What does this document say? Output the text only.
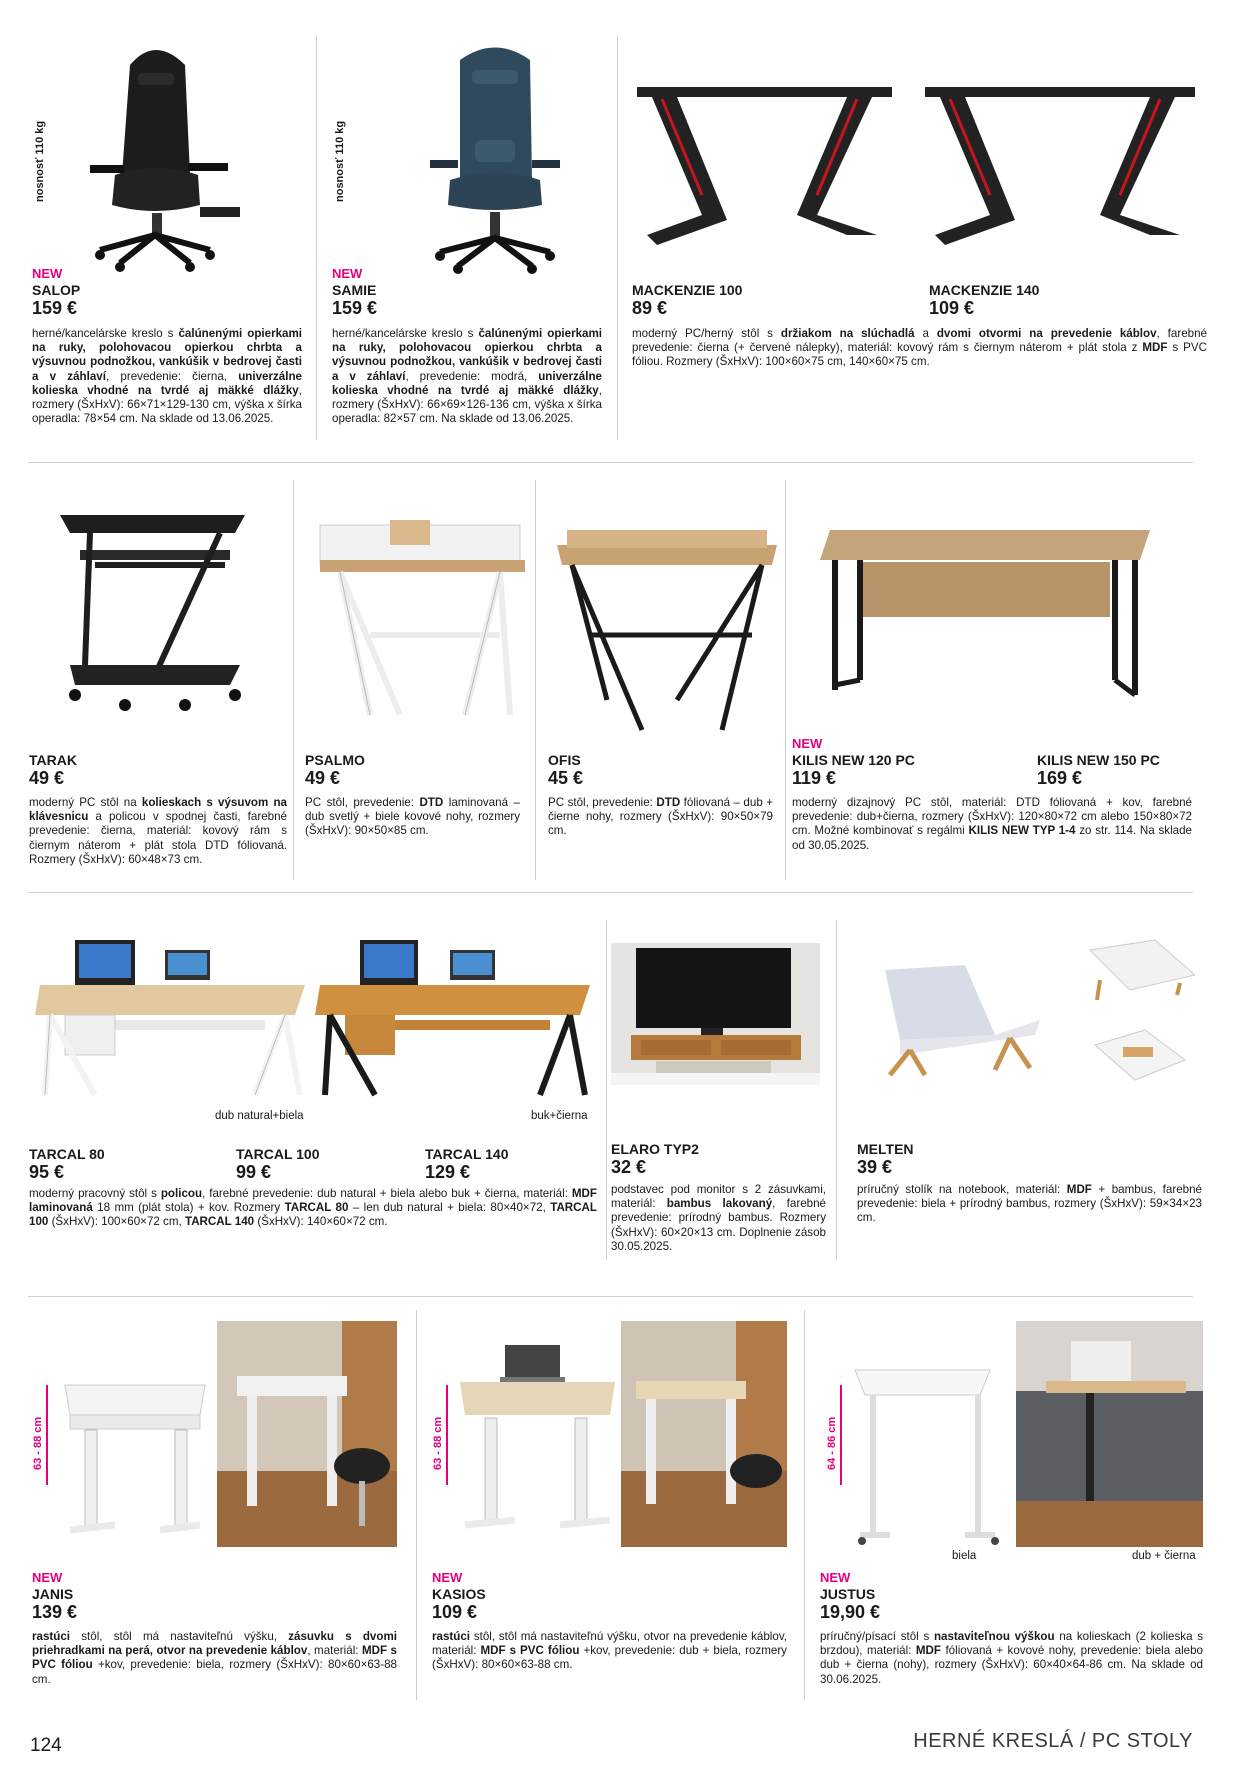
nosnosť 110 kg
NEW
SALOP
159 €
herné/kancelárske kreslo s čalúnenými opierkami na ruky, polohovacou opierkou chrbta a výsuvnou podnožkou, vankúšik v bedrovej časti a v záhlaví, prevedenie: čierna, univerzálne kolieska vhodné na tvrdé aj mäkké dlážky, rozmery (ŠxHxV): 66×71×129-130 cm, výška x šírka operadla: 78×54 cm. Na sklade od 13.06.2025.
nosnosť 110 kg
NEW
SAMIE
159 €
herné/kancelárske kreslo s čalúnenými opierkami na ruky, polohovacou opierkou chrbta a výsuvnou podnožkou, vankúšik v bedrovej časti a v záhlaví, prevedenie: modrá, univerzálne kolieska vhodné na tvrdé aj mäkké dlážky, rozmery (ŠxHxV): 66×69×126-136 cm, výška x šírka operadla: 82×57 cm. Na sklade od 13.06.2025.
MACKENZIE 100
89 €
MACKENZIE 140
109 €
moderný PC/herný stôl s držiakom na slúchadlá a dvomi otvormi na prevedenie káblov, farebné prevedenie: čierna (+ červené nálepky), materiál: kovový rám s čiernym náterom + plát stola z MDF s PVC fóliou. Rozmery (ŠxHxV): 100×60×75 cm, 140×60×75 cm.
TARAK
49 €
moderný PC stôl na kolieskach s výsuvom na klávesnicu a policou v spodnej časti, farebné prevedenie: čierna, materiál: kovový rám s čiernym náterom + plát stola DTD fóliovaná. Rozmery (ŠxHxV): 60×48×73 cm.
PSALMO
49 €
PC stôl, prevedenie: DTD laminovaná – dub svetlý + biele kovové nohy, rozmery (ŠxHxV): 90×50×85 cm.
OFIS
45 €
PC stôl, prevedenie: DTD fóliovaná – dub + čierne nohy, rozmery (ŠxHxV): 90×50×79 cm.
NEW
KILIS NEW 120 PC
119 €
KILIS NEW 150 PC
169 €
moderný dizajnový PC stôl, materiál: DTD fóliovaná + kov, farebné prevedenie: dub+čierna, rozmery (ŠxHxV): 120×80×72 cm alebo 150×80×72 cm. Možné kombinovať s regálmi KILIS NEW TYP 1-4 zo str. 114. Na sklade od 30.05.2025.
dub natural+biela	buk+čierna
TARCAL 80
95 €
TARCAL 100
99 €
TARCAL 140
129 €
moderný pracovný stôl s policou, farebné prevedenie: dub natural + biela alebo buk + čierna, materiál: MDF laminovaná 18 mm (plát stola) + kov. Rozmery TARCAL 80 – len dub natural + biela: 80×40×72, TARCAL 100 (ŠxHxV): 100×60×72 cm, TARCAL 140 (ŠxHxV): 140×60×72 cm.
ELARO TYP2
32 €
podstavec pod monitor s 2 zásuvkami, materiál: bambus lakovaný, farebné prevedenie: prírodný bambus. Rozmery (ŠxHxV): 60×20×13 cm. Doplnenie zásob 30.05.2025.
MELTEN
39 €
príručný stolík na notebook, materiál: MDF + bambus, farebné prevedenie: biela + prírodný bambus, rozmery (ŠxHxV): 59×34×23 cm.
63 - 88 cm
NEW
JANIS
139 €
rastúci stôl, stôl má nastaviteľnú výšku, zásuvku s dvomi priehradkami na perá, otvor na prevedenie káblov, materiál: MDF s PVC fóliou +kov, prevedenie: biela, rozmery (ŠxHxV): 80×60×63-88 cm.
63 - 88 cm
NEW
KASIOS
109 €
rastúci stôl, stôl má nastaviteľnú výšku, otvor na prevedenie káblov, materiál: MDF s PVC fóliou +kov, prevedenie: dub + biela, rozmery (ŠxHxV): 80×60×63-88 cm.
64 - 86 cm
biela	dub + čierna
NEW
JUSTUS
19,90 €
príručný/písací stôl s nastaviteľnou výškou na kolieskach (2 kolieska s brzdou), materiál: MDF fóliovaná + kovové nohy, prevedenie: biela alebo dub + čierna (nohy), rozmery (ŠxHxV): 60×40×64-86 cm. Na sklade od 30.06.2025.
124	HERNÉ KRESLÁ / PC STOLY
